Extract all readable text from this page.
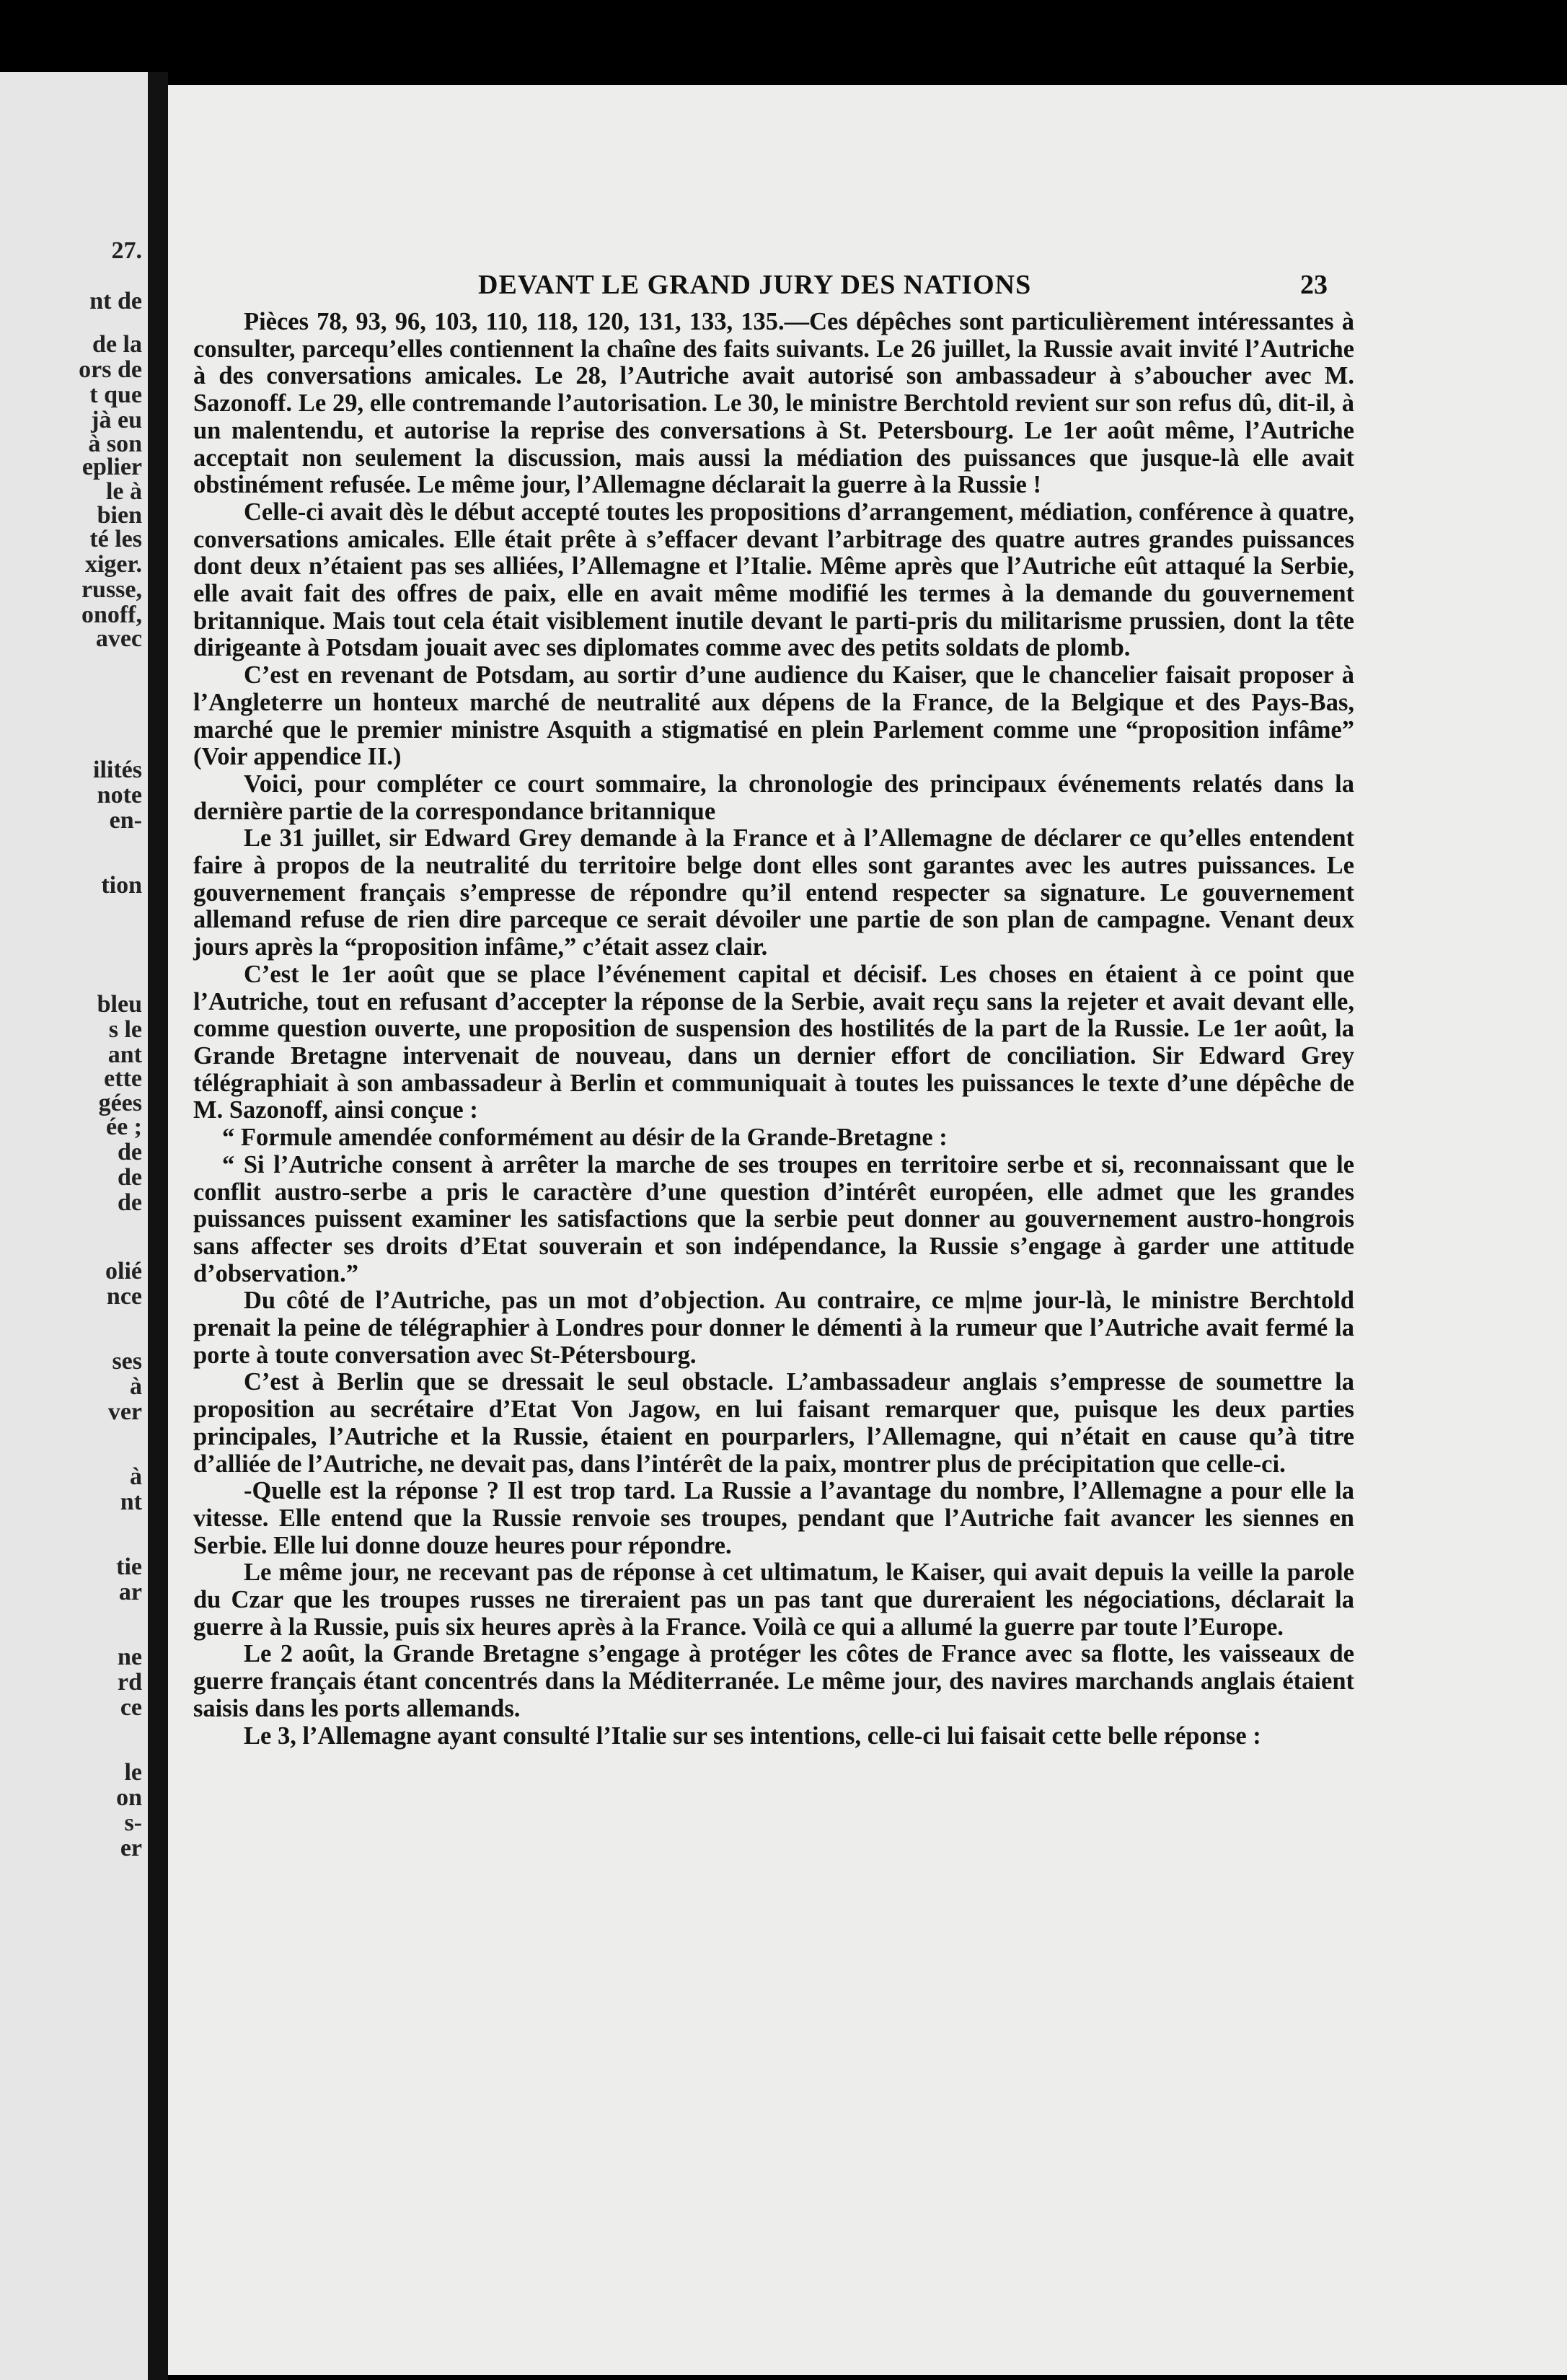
27.
nt de
de la
ors de
t que
jà eu
à son
eplier
le à
bien
té les
xiger.
russe,
onoff,
avec
ilités
note
en-
tion
bleu
s le
ant
ette
gées
ée ;
de
de
de
olié
nce
ses
à
ver
à
nt
tie
ar
ne
rd
ce
le
on
s-
er
DEVANT LE GRAND JURY DES NATIONS	23

Pièces 78, 93, 96, 103, 110, 118, 120, 131, 133, 135.—Ces dépêches sont particulièrement intéressantes à consulter, parcequ’elles contiennent la chaîne des faits suivants. Le 26 juillet, la Russie avait invité l’Autriche à des conversations amicales. Le 28, l’Autriche avait autorisé son ambassadeur à s’aboucher avec M. Sazonoff. Le 29, elle contremande l’autorisation. Le 30, le ministre Berchtold revient sur son refus dû, dit-il, à un malentendu, et autorise la reprise des conversations à St. Petersbourg. Le 1er août même, l’Autriche acceptait non seulement la discussion, mais aussi la médiation des puissances que jusque-là elle avait obstinément refusée. Le même jour, l’Allemagne déclarait la guerre à la Russie !

Celle-ci avait dès le début accepté toutes les propositions d’arrangement, médiation, conférence à quatre, conversations amicales. Elle était prête à s’effacer devant l’arbitrage des quatre autres grandes puissances dont deux n’étaient pas ses alliées, l’Allemagne et l’Italie. Même après que l’Autriche eût attaqué la Serbie, elle avait fait des offres de paix, elle en avait même modifié les termes à la demande du gouvernement britannique. Mais tout cela était visiblement inutile devant le parti-pris du militarisme prussien, dont la tête dirigeante à Potsdam jouait avec ses diplomates comme avec des petits soldats de plomb.

C’est en revenant de Potsdam, au sortir d’une audience du Kaiser, que le chancelier faisait proposer à l’Angleterre un honteux marché de neutralité aux dépens de la France, de la Belgique et des Pays-Bas, marché que le premier ministre Asquith a stigmatisé en plein Parlement comme une “proposition infâme” (Voir appendice II.)

Voici, pour compléter ce court sommaire, la chronologie des principaux événements relatés dans la dernière partie de la correspondance britannique

Le 31 juillet, sir Edward Grey demande à la France et à l’Allemagne de déclarer ce qu’elles entendent faire à propos de la neutralité du territoire belge dont elles sont garantes avec les autres puissances. Le gouvernement français s’empresse de répondre qu’il entend respecter sa signature. Le gouvernement allemand refuse de rien dire parceque ce serait dévoiler une partie de son plan de campagne. Venant deux jours après la “proposition infâme,” c’était assez clair.

C’est le 1er août que se place l’événement capital et décisif. Les choses en étaient à ce point que l’Autriche, tout en refusant d’accepter la réponse de la Serbie, avait reçu sans la rejeter et avait devant elle, comme question ouverte, une proposition de suspension des hostilités de la part de la Russie. Le 1er août, la Grande Bretagne intervenait de nouveau, dans un dernier effort de conciliation. Sir Edward Grey télégraphiait à son ambassadeur à Berlin et communiquait à toutes les puissances le texte d’une dépêche de M. Sazonoff, ainsi conçue :

“ Formule amendée conformément au désir de la Grande-Bretagne :

“ Si l’Autriche consent à arrêter la marche de ses troupes en territoire serbe et si, reconnaissant que le conflit austro-serbe a pris le caractère d’une question d’intérêt européen, elle admet que les grandes puissances puissent examiner les satisfactions que la serbie peut donner au gouvernement austro-hongrois sans affecter ses droits d’Etat souverain et son indépendance, la Russie s’engage à garder une attitude d’observation.”

Du côté de l’Autriche, pas un mot d’objection. Au contraire, ce m|me jour-là, le ministre Berchtold prenait la peine de télégraphier à Londres pour donner le démenti à la rumeur que l’Autriche avait fermé la porte à toute conversation avec St-Pétersbourg.

C’est à Berlin que se dressait le seul obstacle. L’ambassadeur anglais s’empresse de soumettre la proposition au secrétaire d’Etat Von Jagow, en lui faisant remarquer que, puisque les deux parties principales, l’Autriche et la Russie, étaient en pourparlers, l’Allemagne, qui n’était en cause qu’à titre d’alliée de l’Autriche, ne devait pas, dans l’intérêt de la paix, montrer plus de précipitation que celle-ci.

-Quelle est la réponse ? Il est trop tard. La Russie a l’avantage du nombre, l’Allemagne a pour elle la vitesse. Elle entend que la Russie renvoie ses troupes, pendant que l’Autriche fait avancer les siennes en Serbie. Elle lui donne douze heures pour répondre.

Le même jour, ne recevant pas de réponse à cet ultimatum, le Kaiser, qui avait depuis la veille la parole du Czar que les troupes russes ne tireraient pas un pas tant que dureraient les négociations, déclarait la guerre à la Russie, puis six heures après à la France. Voilà ce qui a allumé la guerre par toute l’Europe.

Le 2 août, la Grande Bretagne s’engage à protéger les côtes de France avec sa flotte, les vaisseaux de guerre français étant concentrés dans la Méditerranée. Le même jour, des navires marchands anglais étaient saisis dans les ports allemands.

Le 3, l’Allemagne ayant consulté l’Italie sur ses intentions, celle-ci lui faisait cette belle réponse :
